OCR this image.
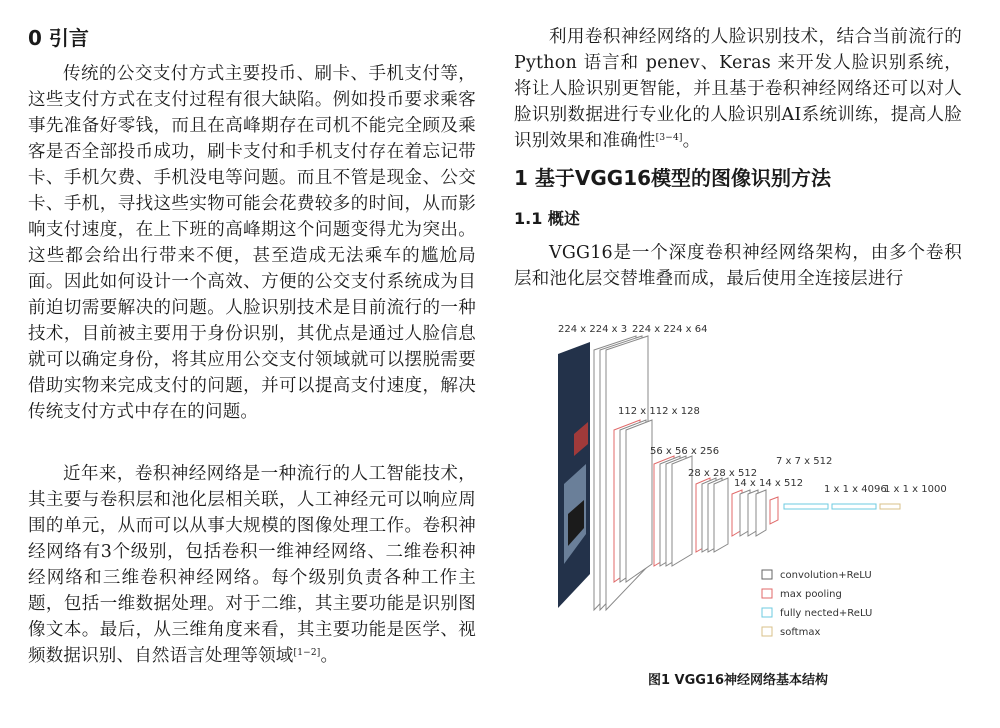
0 引言

传统的公交支付方式主要投币、刷卡、手机支付等，这些支付方式在支付过程有很大缺陷。例如投币要求乘客事先准备好零钱，而且在高峰期存在司机不能完全顾及乘客是否全部投币成功，刷卡支付和手机支付存在着忘记带卡、手机欠费、手机没电等问题。而且不管是现金、公交卡、手机，寻找这些实物可能会花费较多的时间，从而影响支付速度，在上下班的高峰期这个问题变得尤为突出。这些都会给出行带来不便，甚至造成无法乘车的尴尬局面。因此如何设计一个高效、方便的公交支付系统成为目前迫切需要解决的问题。人脸识别技术是目前流行的一种技术，目前被主要用于身份识别，其优点是通过人脸信息就可以确定身份，将其应用公交支付领域就可以摆脱需要借助实物来完成支付的问题，并可以提高支付速度，解决传统支付方式中存在的问题。

近年来，卷积神经网络是一种流行的人工智能技术，其主要与卷积层和池化层相关联，人工神经元可以响应周围的单元，从而可以从事大规模的图像处理工作。卷积神经网络有3个级别，包括卷积一维神经网络、二维卷积神经网络和三维卷积神经网络。每个级别负责各种工作主题，包括一维数据处理。对于二维，其主要功能是识别图像文本。最后，从三维角度来看，其主要功能是医学、视频数据识别、自然语言处理等领域[1−2]。

利用卷积神经网络的人脸识别技术，结合当前流行的Python 语言和 penev、Keras 来开发人脸识别系统，将让人脸识别更智能，并且基于卷积神经网络还可以对人脸识别数据进行专业化的人脸识别AI系统训练，提高人脸识别效果和准确性[3−4]。

1 基于VGG16模型的图像识别方法
1.1 概述

VGG16是一个深度卷积神经网络架构，由多个卷积层和池化层交替堆叠而成，最后使用全连接层进行

224 x 224 x 3 224 x 224 x 64
112 x 112 x 128
56 x 56 x 256
28 x 28 x 512
14 x 14 x 512
7 x 7 x 512
1 x 1 x 4096
1 x 1 x 1000
convolution+ReLU
max pooling
fully nected+ReLU
softmax
图1 VGG16神经网络基本结构
